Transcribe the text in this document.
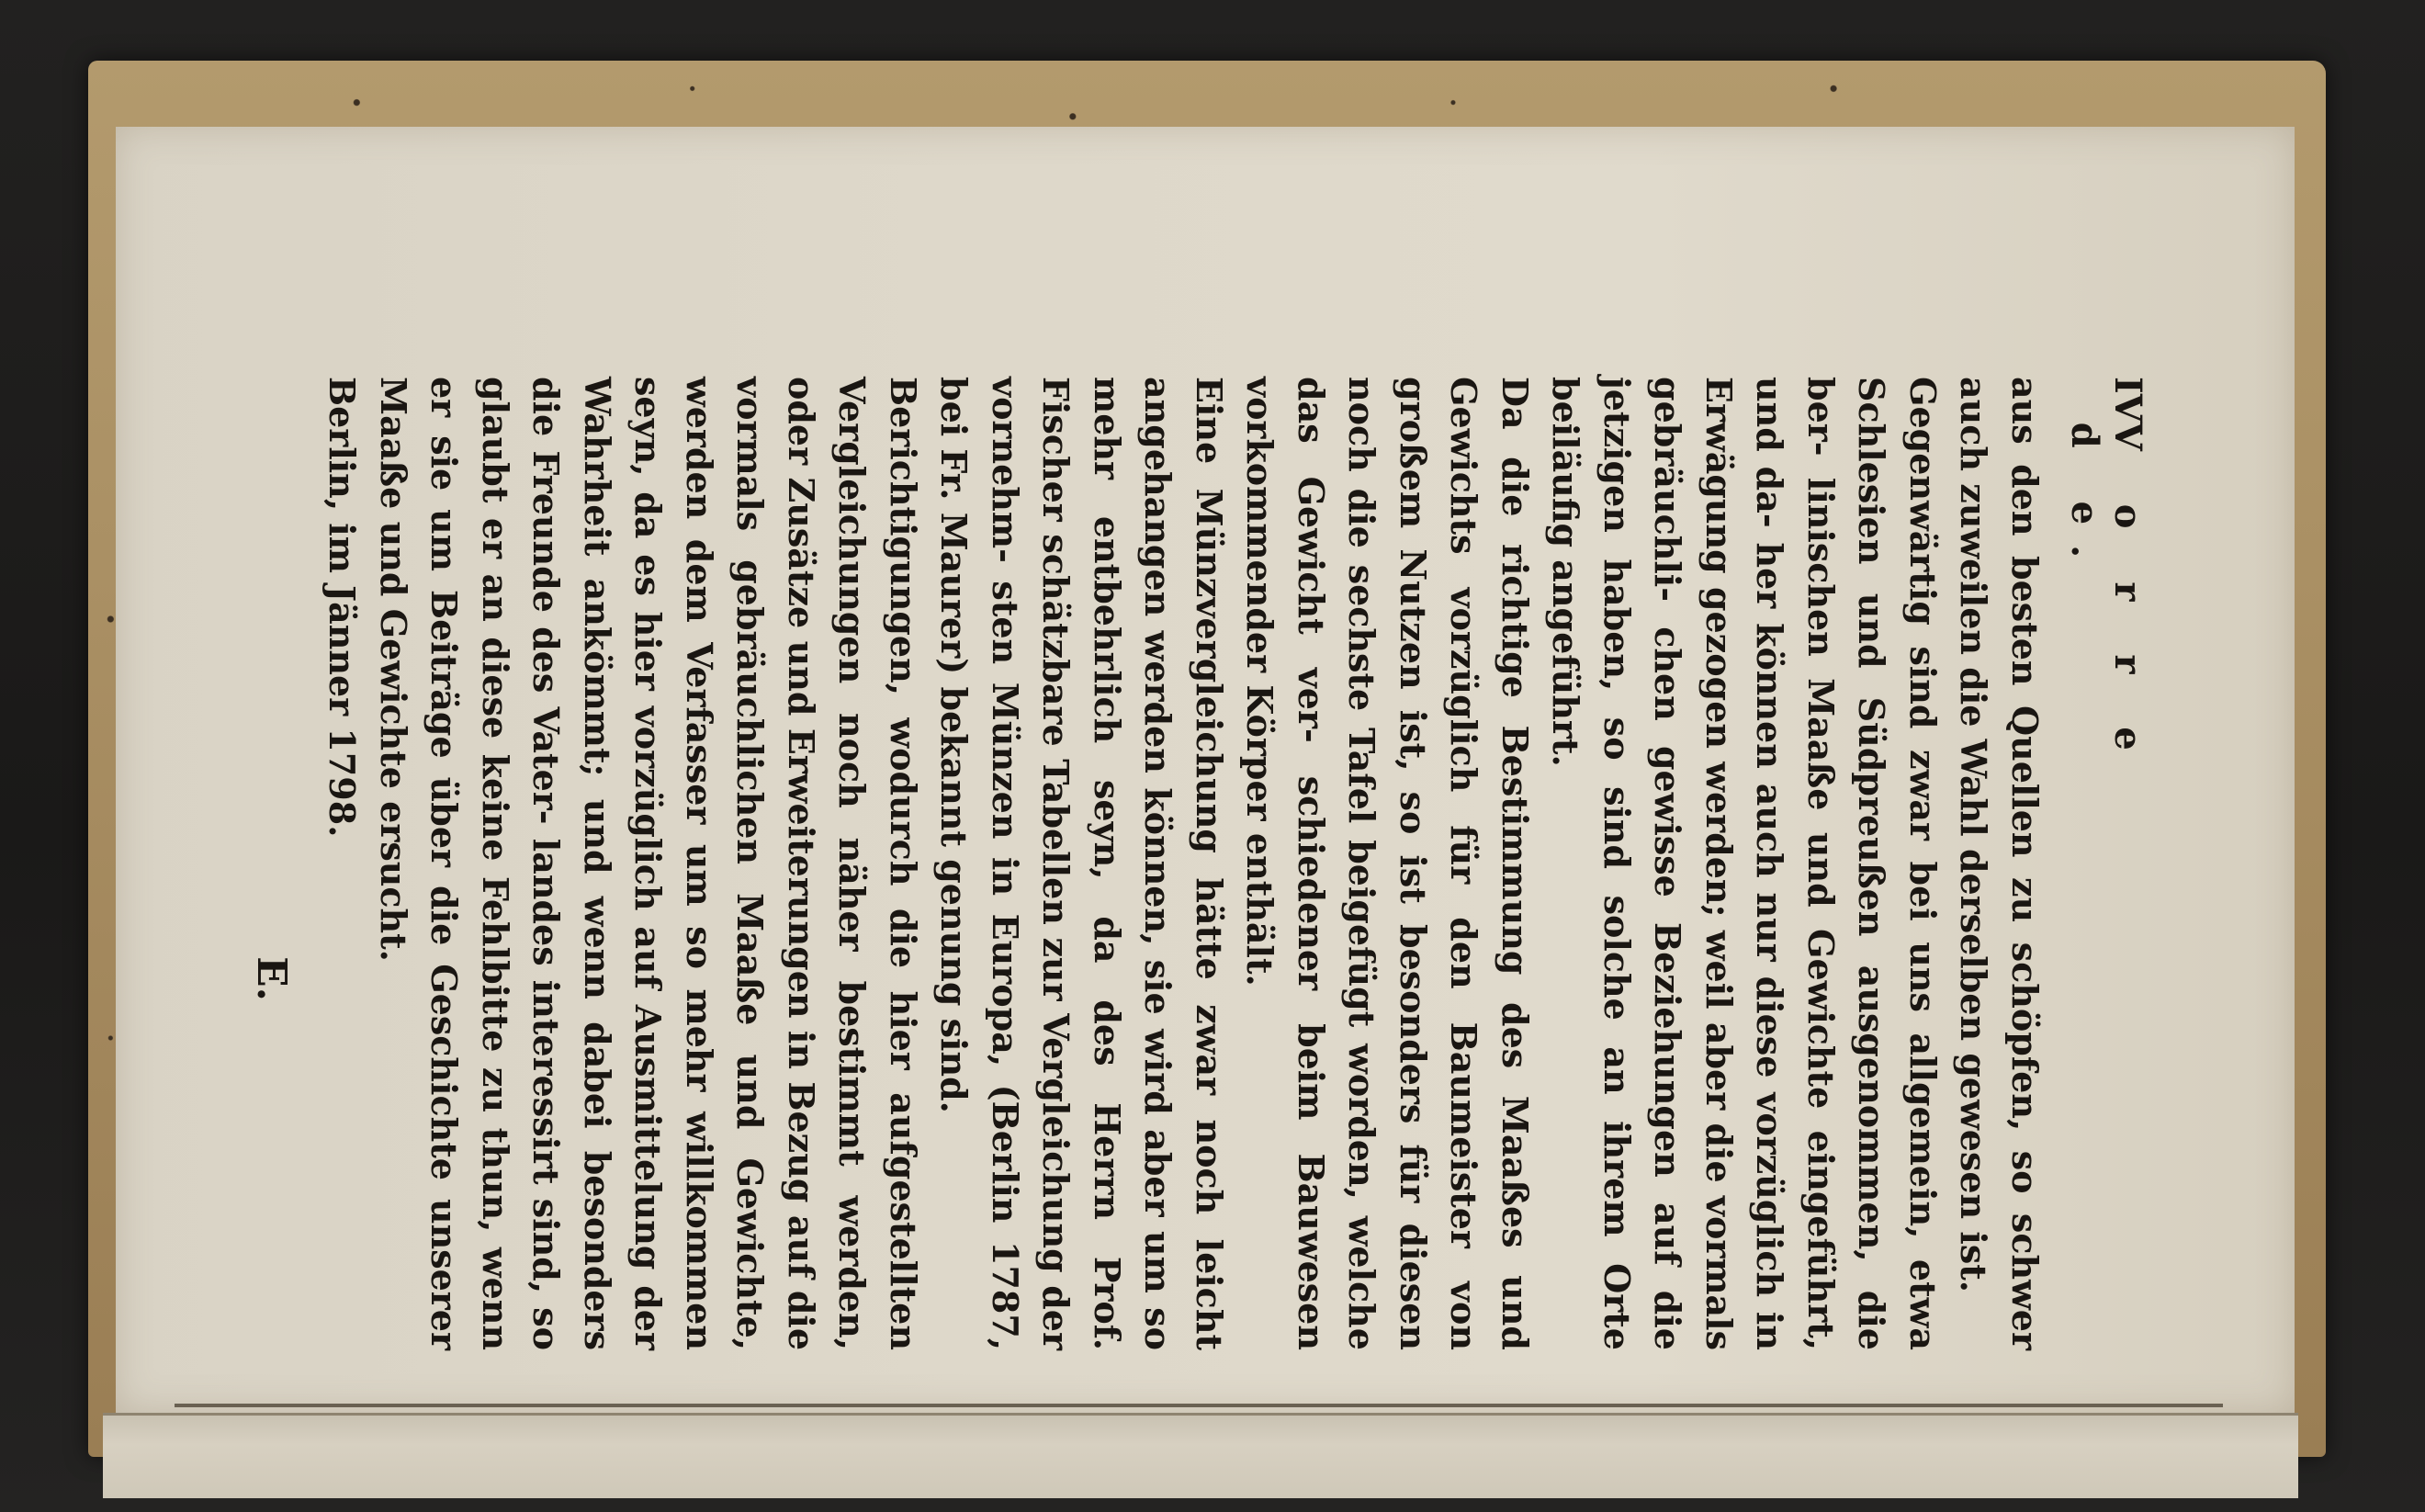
IV
V o r r e d e.

aus den besten Quellen zu schöpfen, so schwer auch zuweilen die Wahl derselben gewesen ist.

Gegenwärtig sind zwar bei uns allgemein, etwa Schlesien und Südpreußen ausgenommen, die ber- linischen Maaße und Gewichte eingeführt, und da- her können auch nur diese vorzüglich in Erwägung gezogen werden; weil aber die vormals gebräuchli- chen gewisse Beziehungen auf die jetzigen haben, so sind solche an ihrem Orte beiläufig angeführt.

Da die richtige Bestimmung des Maaßes und Gewichts vorzüglich für den Baumeister von großem Nutzen ist, so ist besonders für diesen noch die sechste Tafel beigefügt worden, welche das Gewicht ver- schiedener beim Bauwesen vorkommender Körper enthält.

Eine Münzvergleichung hätte zwar noch leicht angehangen werden können, sie wird aber um so mehr entbehrlich seyn, da des Herrn Prof. Fischer schätzbare Tabellen zur Vergleichung der vornehm- sten Münzen in Europa, (Berlin 1787, bei Fr. Maurer) bekannt genung sind.

Berichtigungen, wodurch die hier aufgestellten Vergleichungen noch näher bestimmt werden, oder Zusätze und Erweiterungen in Bezug auf die vormals gebräuchlichen Maaße und Gewichte, werden dem Verfasser um so mehr willkommen seyn, da es hier vorzüglich auf Ausmittelung der Wahrheit ankömmt; und wenn dabei besonders die Freunde des Vater- landes interessirt sind, so glaubt er an diese keine Fehlbitte zu thun, wenn er sie um Beiträge über die Geschichte unserer Maaße und Gewichte ersucht.

Berlin, im Jänner 1798.

E.
